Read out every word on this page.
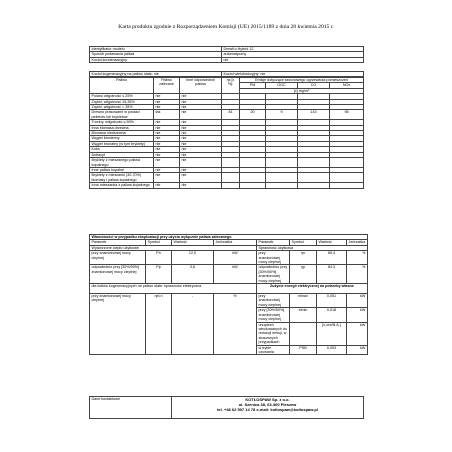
Karta produktu zgodnie z Rozporządzeniem Komisji (UE) 2015/1189 z dnia 28 kwietnia 2015 r.
Identyfikator modelu	DrewKo Hybrid 12
Sposób podawania paliwa	automatyczny
Kocioł kondensacyjny	nie
Kocioł kogeneracyjny na paliwo stałe: nie	Kocioł wielofunkcyjny: nie
Paliwo	Paliwo zalecane	Inne odpowiednie paliwa	ηs [x %]:	Emisje dotyczące sezonowego ogrzewania pomieszczeń			
				PM	OGC	CO	NOx
				[x] mg/m³			
Polano wilgotność ≤ 25%	nie	nie					
Zrębki, wilgotność 15-35%	nie	nie					
Zrębki, wilgotność > 35%	nie	nie					
Drewno prasowane w postaci pelletów lub brykietów	tak	nie	81	20	9	143	98
Trociny, wilgotność ≤ 50%	nie	nie					
Inna biomasa drzewna	nie	nie					
Biomasa niedrzewna	nie	nie					
Węgiel kamienny	nie	nie					
Węgiel brunatny (w tym brykiety)	nie	nie					
Koks	nie	nie					
Antracyt	nie	nie					
Brykiety z mieszanego paliwa kopalnego	nie	nie					
Inne paliwo kopalne	nie	nie					
Brykiety z mieszanki (30-70%) biomasy i paliwa kopalnego	nie	nie					
Inna mieszanka z paliwa kopalnego	nie	nie					
Właściwości w przypadku eksploatacji przy użyciu wyłącznie paliwa zalecanego							
Parametr	Symbol	Wartość	Jednostka	Parametr	Symbol	Wartość	Jednostka
Wytworzone ciepło użytkowe				Sprawność użytkowa			
przy znamionowej mocy cieplnej	Pn	12,5	kW	przy znamionowej mocy cieplnej	ηn	85,4	%
odpowiednio przy [30%/50%] znamionowej mocy cieplnej	Pp	3,6	kW	odpowiednio przy [30%/50%] znamionowej mocy cieplnej	ηp	84,3	%
dla kotłów kogeneracyjnych na paliwo stałe: sprawność elektryczna				Zużycie energii elektrycznej na potrzeby własne			
przy znamionowej mocy cieplnej	ηel,n	-	%	przy znamionowej mocy cieplnej	elmax	0,051	kW
				przy [30%/50%] znamionowej mocy cieplnej	elmin	0,018	kW
				urządzeń wbudowanych do redukcji emisji, w stosownych przypadkach		[x,xxx/N.A.]	kW
				w trybie czuwania	PSB	0,003	kW
Dane kontaktowe	KOTŁOSPAW Sp. z o.o.
ul. Szenica 38, 63-300 Pleszew
tel. +48 62 597 14 78 e-mail: kotlospaw@kotlospaw.pl
